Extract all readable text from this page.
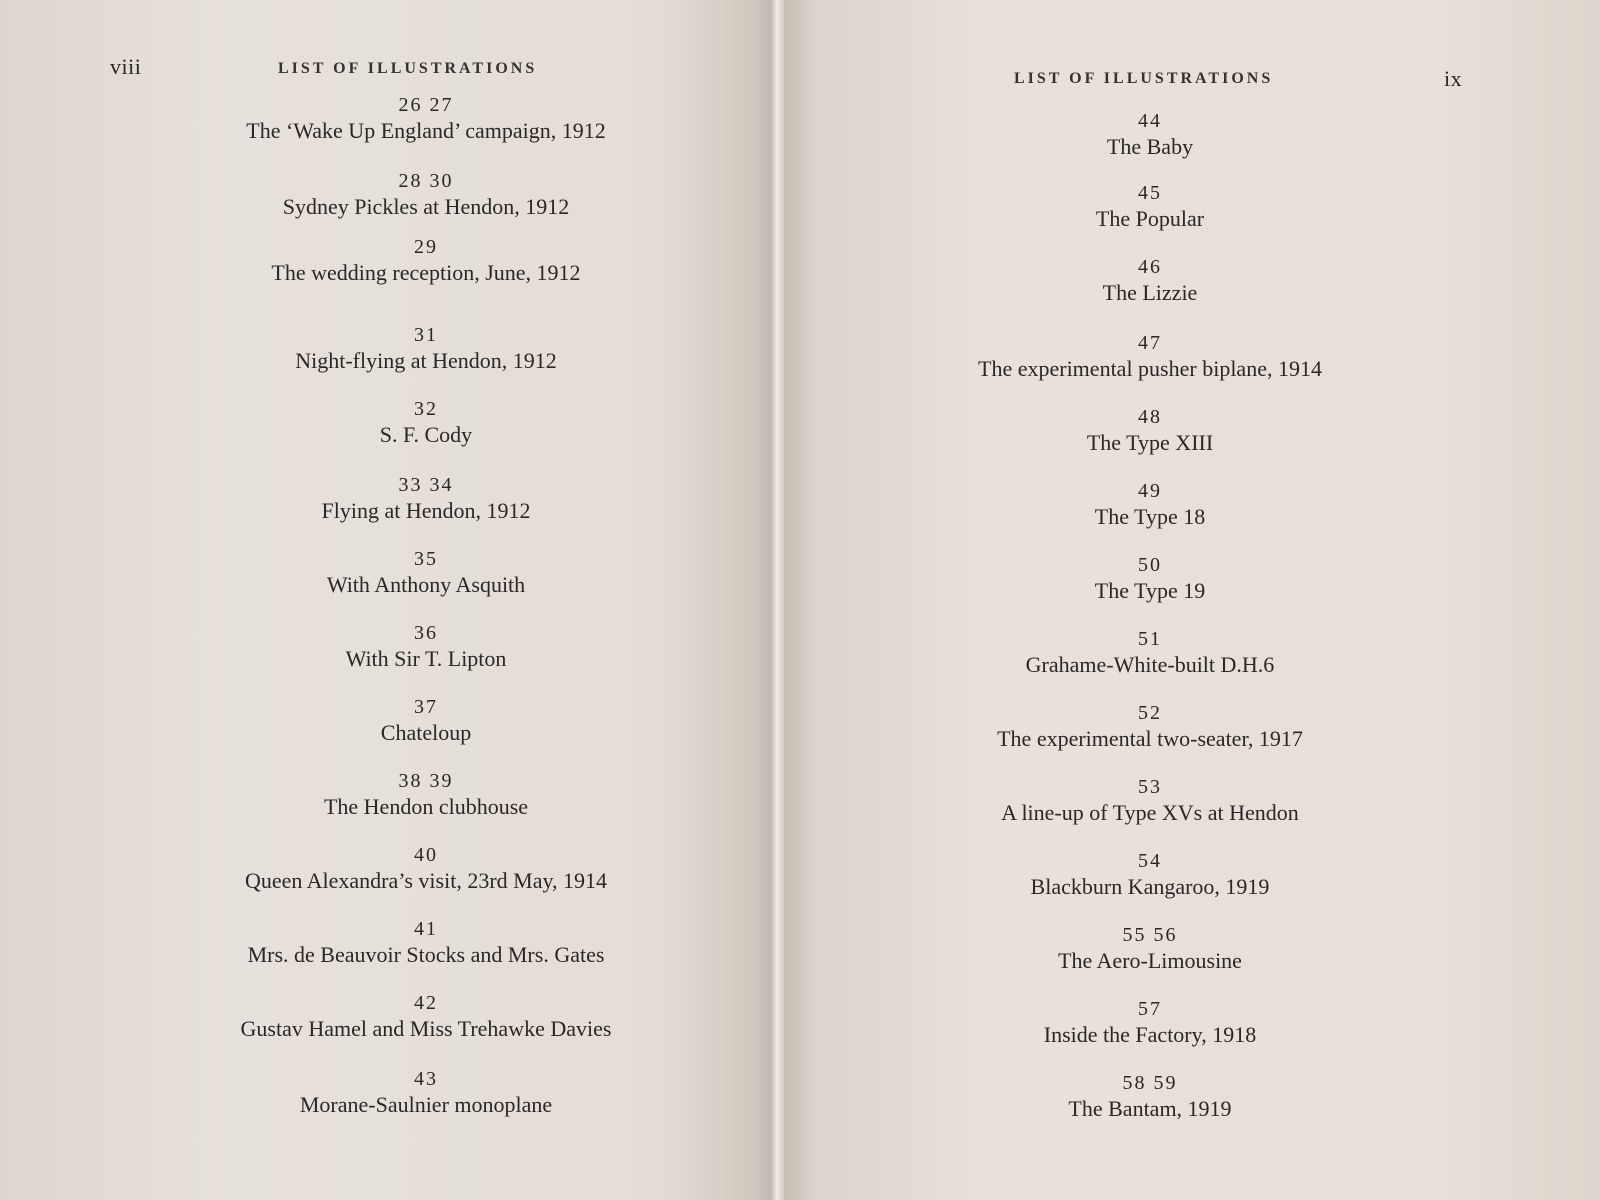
viii	LIST OF ILLUSTRATIONS
26 27
The ‘Wake Up England’ campaign, 1912
28 30
Sydney Pickles at Hendon, 1912
29
The wedding reception, June, 1912
31
Night-flying at Hendon, 1912
32
S. F. Cody
33 34
Flying at Hendon, 1912
35
With Anthony Asquith
36
With Sir T. Lipton
37
Chateloup
38 39
The Hendon clubhouse
40
Queen Alexandra’s visit, 23rd May, 1914
41
Mrs. de Beauvoir Stocks and Mrs. Gates
42
Gustav Hamel and Miss Trehawke Davies
43
Morane-Saulnier monoplane
LIST OF ILLUSTRATIONS	ix
44
The Baby
45
The Popular
46
The Lizzie
47
The experimental pusher biplane, 1914
48
The Type XIII
49
The Type 18
50
The Type 19
51
Grahame-White-built D.H.6
52
The experimental two-seater, 1917
53
A line-up of Type XVs at Hendon
54
Blackburn Kangaroo, 1919
55 56
The Aero-Limousine
57
Inside the Factory, 1918
58 59
The Bantam, 1919
